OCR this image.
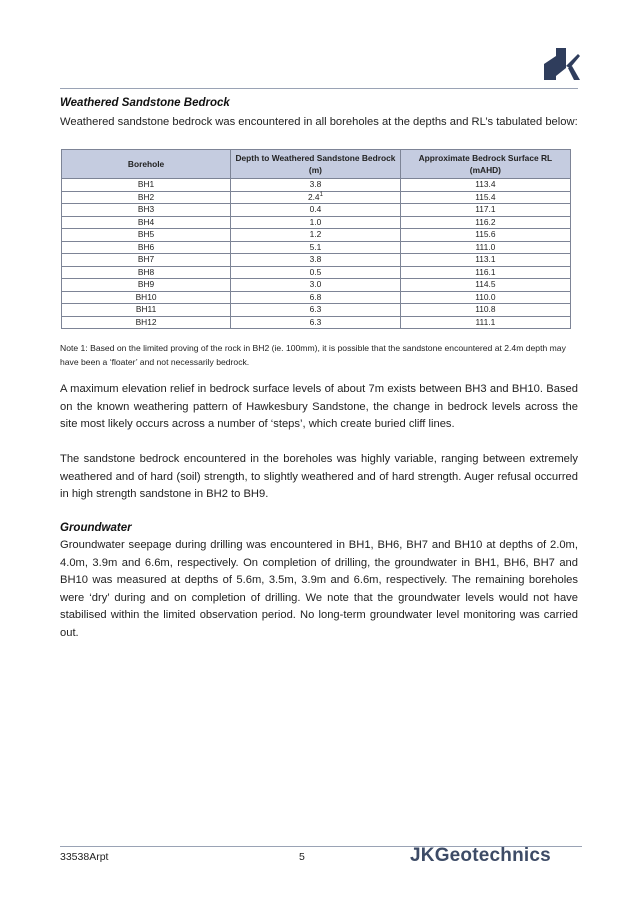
Weathered Sandstone Bedrock
Weathered sandstone bedrock was encountered in all boreholes at the depths and RL’s tabulated below:
Borehole	Depth to Weathered Sandstone Bedrock (m)	Approximate Bedrock Surface RL (mAHD)
BH1	3.8	113.4
BH2	$2.4^1$	115.4
BH3	0.4	117.1
BH4	1.0	116.2
BH5	1.2	115.6
BH6	5.1	111.0
BH7	3.8	113.1
BH8	0.5	116.1
BH9	3.0	114.5
BH10	6.8	110.0
BH11	6.3	110.8
BH12	6.3	111.1
Note 1: Based on the limited proving of the rock in BH2 (ie. 100mm), it is possible that the sandstone encountered at 2.4m depth may have been a ‘floater’ and not necessarily bedrock.
A maximum elevation relief in bedrock surface levels of about 7m exists between BH3 and BH10. Based on the known weathering pattern of Hawkesbury Sandstone, the change in bedrock levels across the site most likely occurs across a number of ‘steps’, which create buried cliff lines.
The sandstone bedrock encountered in the boreholes was highly variable, ranging between extremely weathered and of hard (soil) strength, to slightly weathered and of hard strength. Auger refusal occurred in high strength sandstone in BH2 to BH9.
Groundwater
Groundwater seepage during drilling was encountered in BH1, BH6, BH7 and BH10 at depths of 2.0m, 4.0m, 3.9m and 6.6m, respectively. On completion of drilling, the groundwater in BH1, BH6, BH7 and BH10 was measured at depths of 5.6m, 3.5m, 3.9m and 6.6m, respectively. The remaining boreholes were ‘dry’ during and on completion of drilling. We note that the groundwater levels would not have stabilised within the limited observation period. No long-term groundwater level monitoring was carried out.
33538Arpt	5	JKGeotechnics
